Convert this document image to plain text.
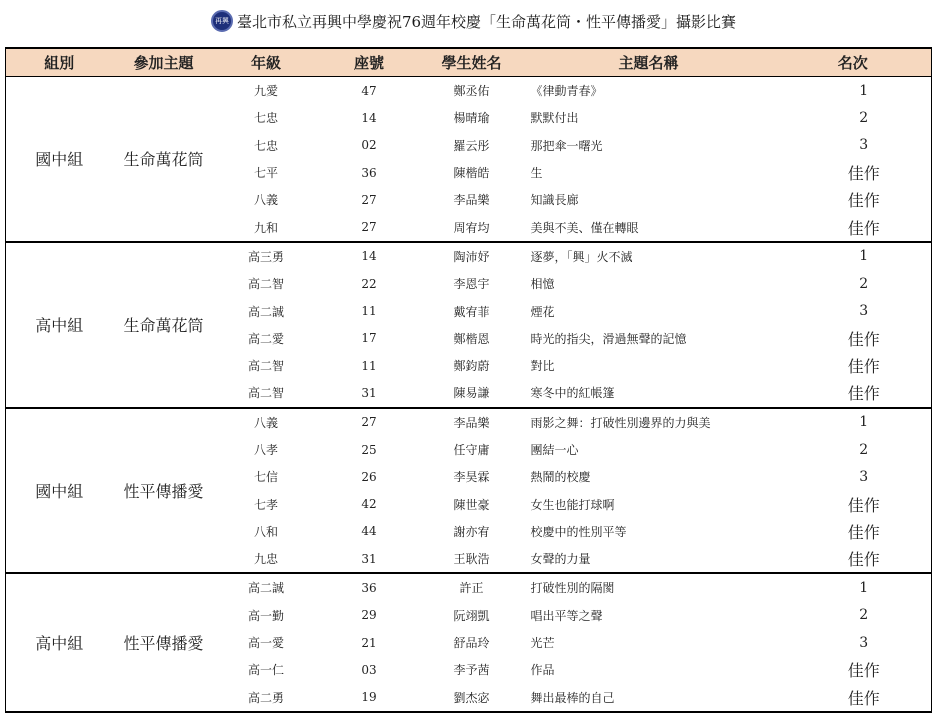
再興 臺北市私立再興中學慶祝76週年校慶「生命萬花筒・性平傳播愛」攝影比賽
組別	參加主題	年級	座號	學生姓名	主題名稱	名次
國中組	生命萬花筒	九愛	47	鄭丞佑	《律動青春》	1
		七忠	14	楊晴瑜	默默付出	2
		七忠	02	羅云彤	那把傘一曙光	3
		七平	36	陳楷皓	生	佳作
		八義	27	李品樂	知識長廊	佳作
		九和	27	周宥均	美與不美、僅在轉眼	佳作
高中組	生命萬花筒	高三勇	14	陶沛妤	逐夢，「興」火不滅	1
		高二智	22	李恩宇	相憶	2
		高二誠	11	戴宥菲	煙花	3
		高二愛	17	鄭楷恩	時光的指尖，滑過無聲的記憶	佳作
		高二智	11	鄭鈞蔚	對比	佳作
		高二智	31	陳易謙	寒冬中的紅帳篷	佳作
國中組	性平傳播愛	八義	27	李品樂	雨影之舞：打破性別邊界的力與美	1
		八孝	25	任守庸	團結一心	2
		七信	26	李昊霖	熱鬧的校慶	3
		七孝	42	陳世豪	女生也能打球啊	佳作
		八和	44	謝亦宥	校慶中的性別平等	佳作
		九忠	31	王耿浩	女聲的力量	佳作
高中組	性平傳播愛	高二誠	36	許正	打破性別的隔閡	1
		高一勤	29	阮翊凱	唱出平等之聲	2
		高一愛	21	舒品玲	光芒	3
		高一仁	03	李予茜	作品	佳作
		高二勇	19	劉杰宓	舞出最棒的自己	佳作
